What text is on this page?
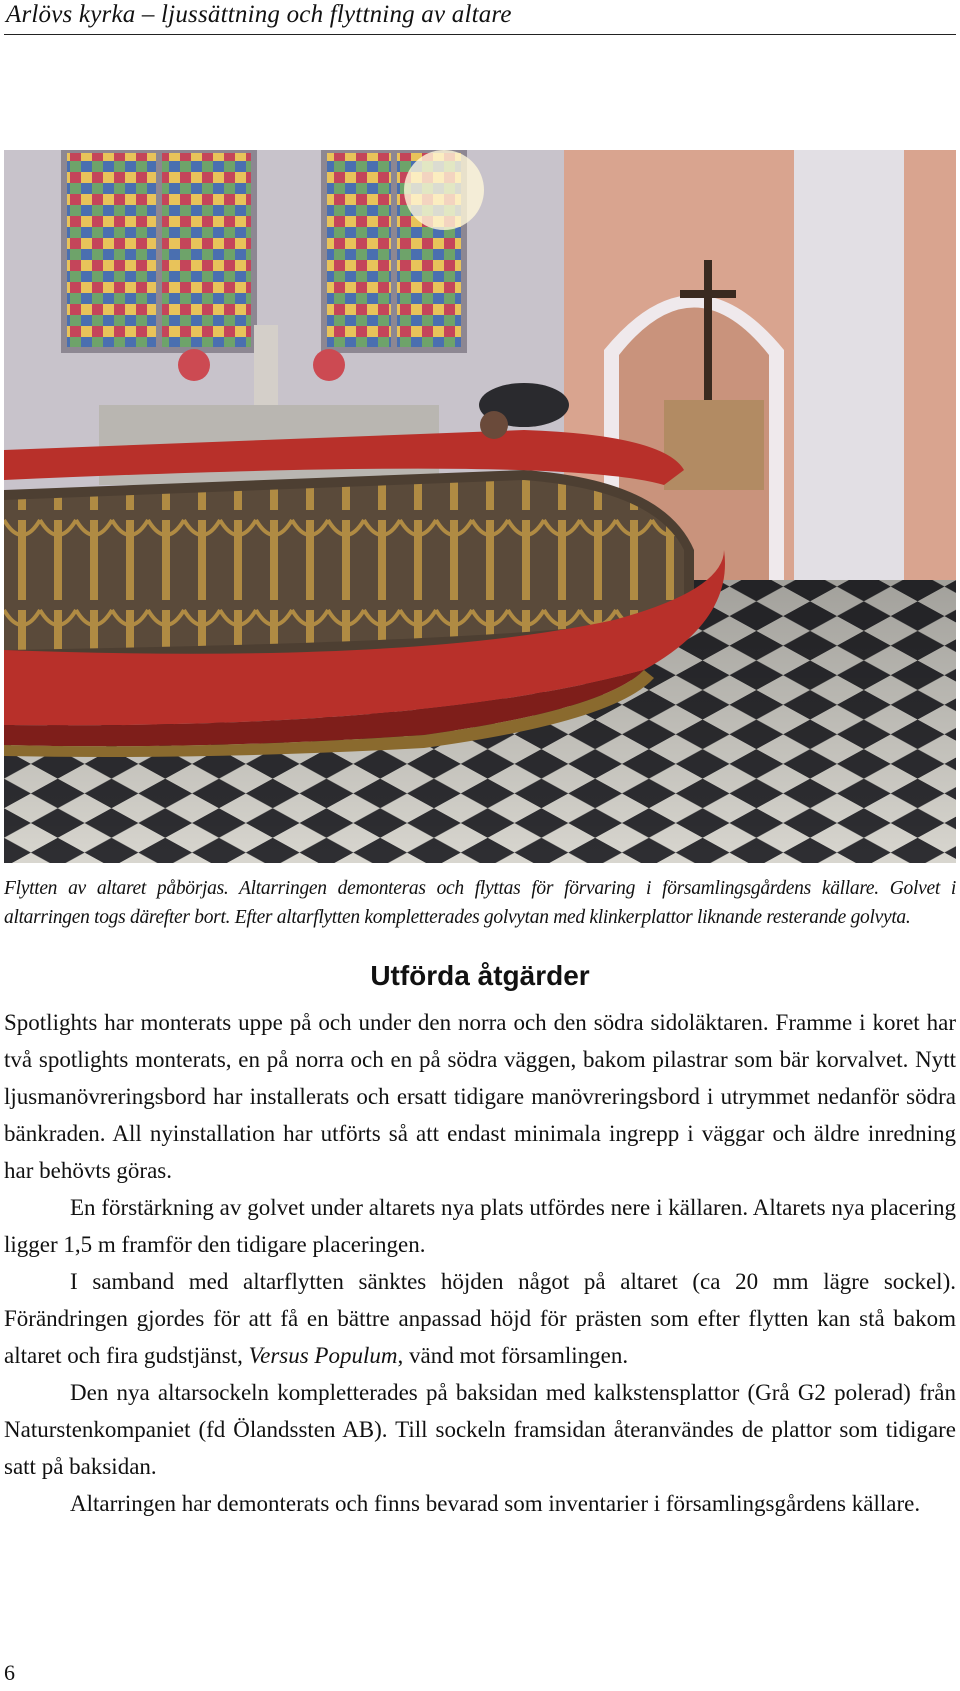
Arlövs kyrka – ljussättning och flyttning av altare
Flytten av altaret påbörjas. Altarringen demonteras och flyttas för förvaring i församlingsgårdens källare. Golvet i altarringen togs därefter bort. Efter altarflytten kompletterades golvytan med klinkerplattor liknande resterande golvyta.
Utförda åtgärder

Spotlights har monterats uppe på och under den norra och den södra sidoläktaren. Framme i koret har två spotlights monterats, en på norra och en på södra väggen, bakom pilastrar som bär korvalvet. Nytt ljusmanövreringsbord har installerats och ersatt tidigare manövreringsbord i utrymmet nedanför södra bänkraden. All nyinstallation har utförts så att endast minimala ingrepp i väggar och äldre inredning har behövts göras.

En förstärkning av golvet under altarets nya plats utfördes nere i källaren. Altarets nya placering ligger 1,5 m framför den tidigare placeringen.

I samband med altarflytten sänktes höjden något på altaret (ca 20 mm lägre sockel). Förändringen gjordes för att få en bättre anpassad höjd för prästen som efter flytten kan stå bakom altaret och fira gudstjänst, Versus Populum, vänd mot församlingen.

Den nya altarsockeln kompletterades på baksidan med kalkstensplattor (Grå G2 polerad) från Naturstenkompaniet (fd Ölandssten AB). Till sockeln framsidan återanvändes de plattor som tidigare satt på baksidan.

Altarringen har demonterats och finns bevarad som inventarier i församlingsgårdens källare.

6
